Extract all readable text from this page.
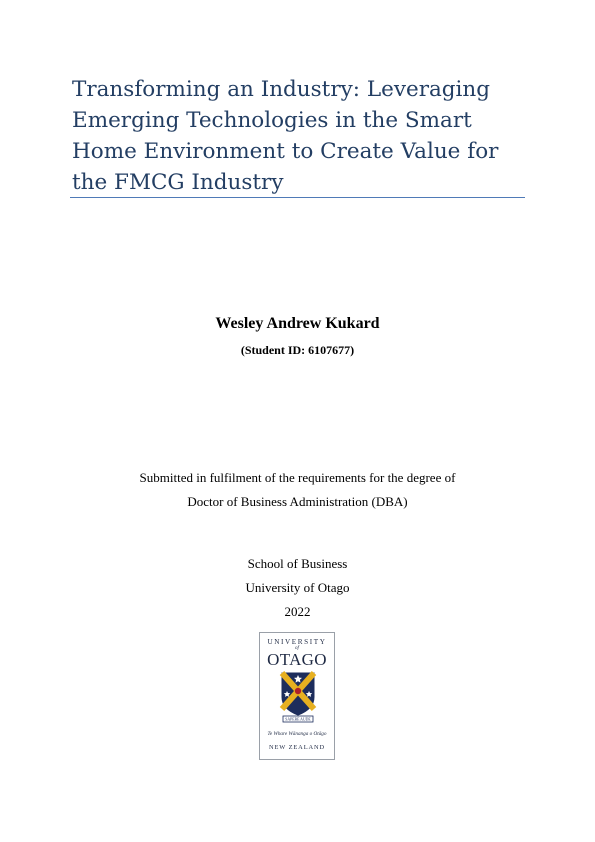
Transforming an Industry: Leveraging
Emerging Technologies in the Smart
Home Environment to Create Value for
the FMCG Industry
Wesley Andrew Kukard
(Student ID: 6107677)
Submitted in fulfilment of the requirements for the degree of
Doctor of Business Administration (DBA)
School of Business
University of Otago
2022
UNIVERSITY
of
OTAGO
SAPERE AUDE
Te Whare Wānanga o Otāgo
NEW ZEALAND
